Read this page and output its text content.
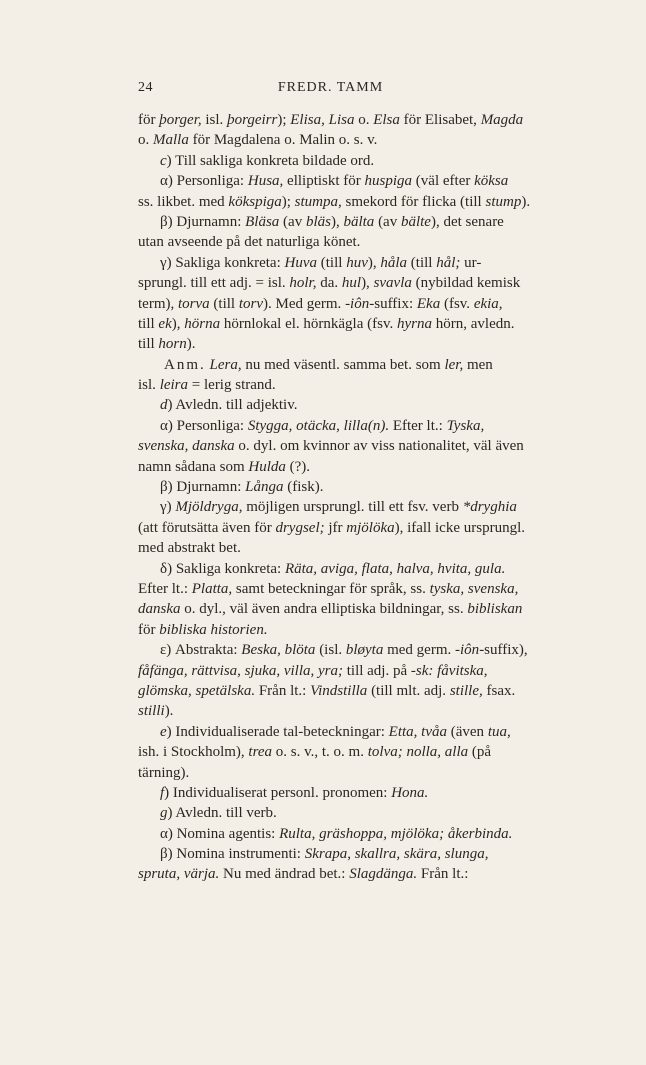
24	FREDR. TAMM
för þorger, isl. þorgeirr); Elisa, Lisa o. Elsa för Elisabet, Magda
o. Malla för Magdalena o. Malin o. s. v.
c) Till sakliga konkreta bildade ord.
α) Personliga: Husa, elliptiskt för huspiga (väl efter köksa
ss. likbet. med kökspiga); stumpa, smekord för flicka (till stump).
β) Djurnamn: Bläsa (av bläs), bälta (av bälte), det senare
utan avseende på det naturliga könet.
γ) Sakliga konkreta: Huva (till huv), håla (till hål; ur-
sprungl. till ett adj. = isl. holr, da. hul), svavla (nybildad kemisk
term), torva (till torv). Med germ. -iôn-suffix: Eka (fsv. ekia,
till ek), hörna hörnlokal el. hörnkägla (fsv. hyrna hörn, avledn.
till horn).
Anm. Lera, nu med väsentl. samma bet. som ler, men
isl. leira = lerig strand.
d) Avledn. till adjektiv.
α) Personliga: Stygga, otäcka, lilla(n). Efter lt.: Tyska,
svenska, danska o. dyl. om kvinnor av viss nationalitet, väl även
namn sådana som Hulda (?).
β) Djurnamn: Långa (fisk).
γ) Mjöldryga, möjligen ursprungl. till ett fsv. verb *dryghia
(att förutsätta även för drygsel; jfr mjölöka), ifall icke ursprungl.
med abstrakt bet.
δ) Sakliga konkreta: Räta, aviga, flata, halva, hvita, gula.
Efter lt.: Platta, samt beteckningar för språk, ss. tyska, svenska,
danska o. dyl., väl även andra elliptiska bildningar, ss. bibliskan
för bibliska historien.
ε) Abstrakta: Beska, blöta (isl. bløyta med germ. -iôn-suffix),
fåfänga, rättvisa, sjuka, villa, yra; till adj. på -sk: fåvitska,
glömska, spetälska. Från lt.: Vindstilla (till mlt. adj. stille, fsax.
stilli).
e) Individualiserade tal-beteckningar: Etta, tvåa (även tua,
ish. i Stockholm), trea o. s. v., t. o. m. tolva; nolla, alla (på
tärning).
f) Individualiserat personl. pronomen: Hona.
g) Avledn. till verb.
α) Nomina agentis: Rulta, gräshoppa, mjölöka; åkerbinda.
β) Nomina instrumenti: Skrapa, skallra, skära, slunga,
spruta, värja. Nu med ändrad bet.: Slagdänga. Från lt.:
